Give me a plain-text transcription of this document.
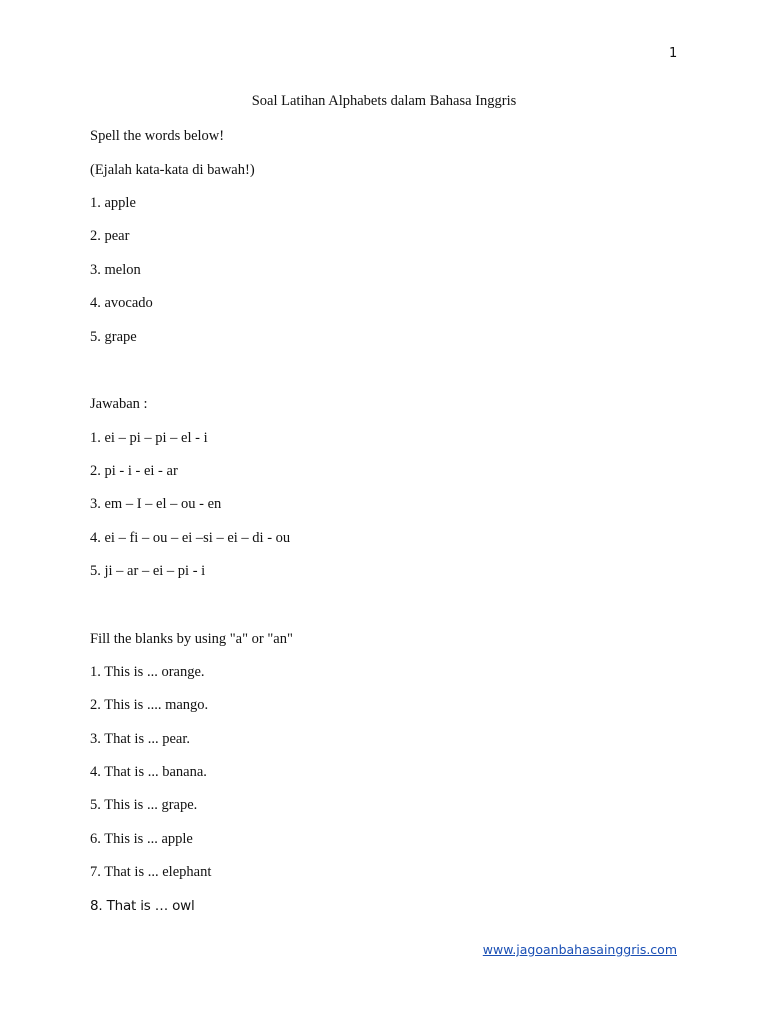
1
Soal Latihan Alphabets dalam Bahasa Inggris
Spell the words below!
(Ejalah kata-kata di bawah!)
1. apple
2. pear
3. melon
4. avocado
5. grape
Jawaban :
1. ei – pi – pi – el - i
2. pi - i - ei - ar
3. em – I – el – ou - en
4. ei – fi – ou – ei –si – ei – di - ou
5. ji – ar – ei – pi - i
Fill the blanks by using "a" or "an"
1. This is ... orange.
2. This is .... mango.
3. That is ... pear.
4. That is ... banana.
5. This is ... grape.
6. This is ... apple
7. That is ... elephant
8. That is … owl
www.jagoanbahasainggris.com
